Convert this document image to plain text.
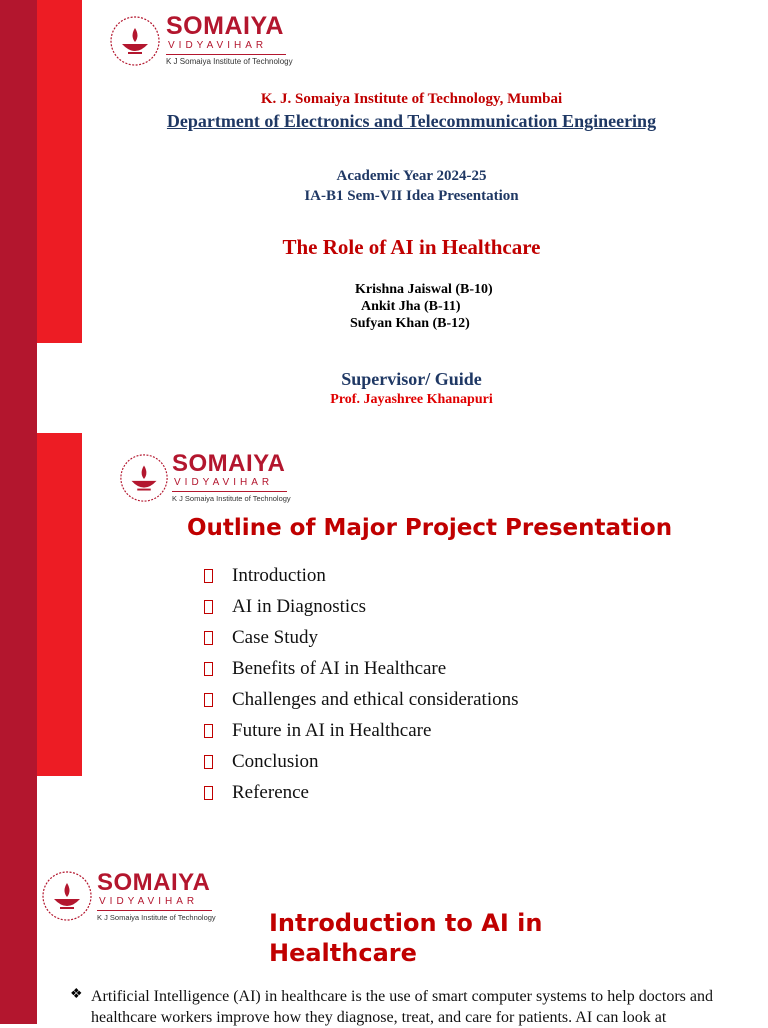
SOMAIYA
VIDYAVIHAR
K J Somaiya Institute of Technology
K. J. Somaiya Institute of Technology, Mumbai
Department of Electronics and Telecommunication Engineering
Academic Year 2024-25
IA-B1 Sem-VII Idea Presentation
The Role of AI in Healthcare
Krishna Jaiswal (B-10)
Ankit Jha (B-11)
Sufyan Khan (B-12)
Supervisor/ Guide
Prof. Jayashree Khanapuri
SOMAIYA
VIDYAVIHAR
K J Somaiya Institute of Technology
Outline of Major Project Presentation
Introduction
AI in Diagnostics
Case Study
Benefits of AI in Healthcare
Challenges and ethical considerations
Future in AI in Healthcare
Conclusion
Reference
SOMAIYA
VIDYAVIHAR
K J Somaiya Institute of Technology Introduction to AI in Healthcare
❖ Artificial Intelligence (AI) in healthcare is the use of smart computer systems to help doctors and healthcare workers improve how they diagnose, treat, and care for patients. AI can look at
